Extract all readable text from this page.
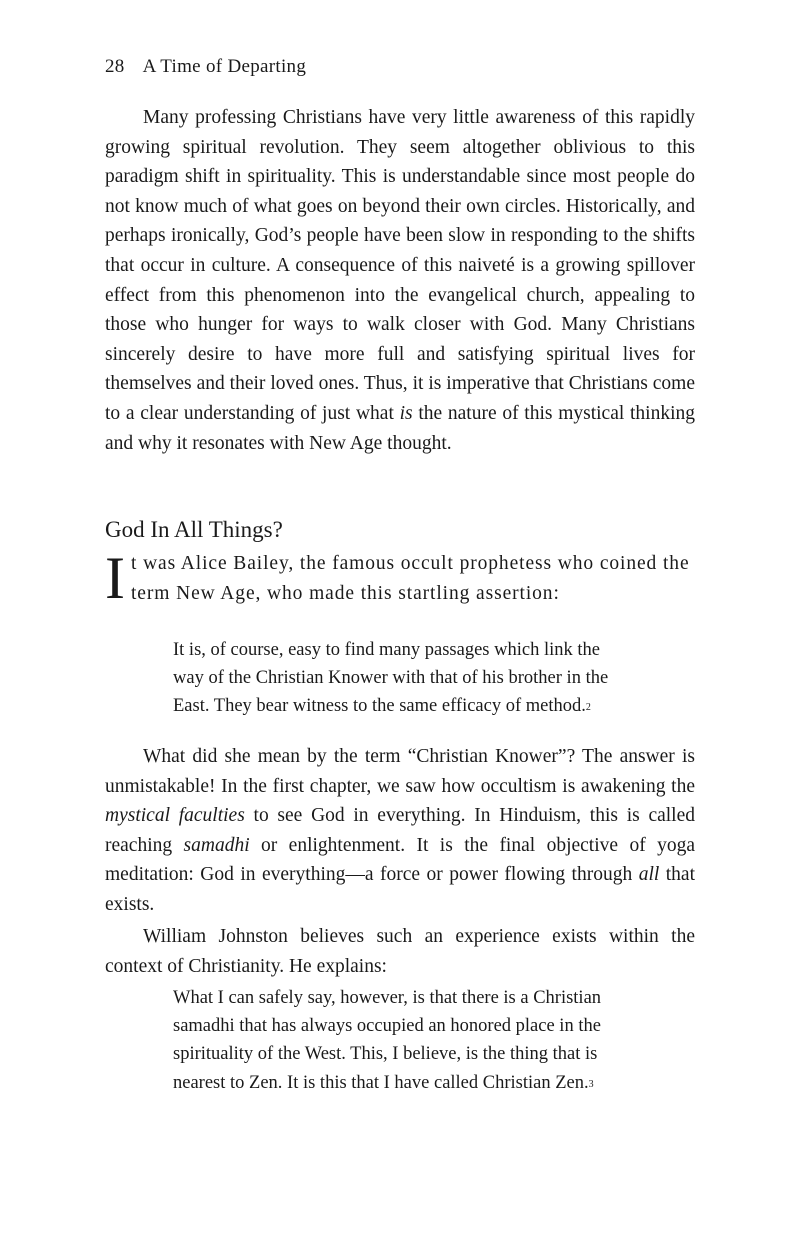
28 A Time of Departing

Many professing Christians have very little awareness of this rapidly growing spiritual revolution. They seem altogether oblivious to this paradigm shift in spirituality. This is understandable since most people do not know much of what goes on beyond their own circles. Historically, and perhaps ironically, God’s people have been slow in responding to the shifts that occur in culture. A consequence of this naiveté is a growing spillover effect from this phenomenon into the evangelical church, appealing to those who hunger for ways to walk closer with God. Many Christians sincerely desire to have more full and satisfying spiritual lives for themselves and their loved ones. Thus, it is imperative that Christians come to a clear understanding of just what is the nature of this mystical thinking and why it resonates with New Age thought.

God In All Things?

It was Alice Bailey, the famous occult prophetess who coined the term New Age, who made this startling assertion:

It is, of course, easy to find many passages which link the way of the Christian Knower with that of his brother in the East. They bear witness to the same efficacy of method.$^2$

What did she mean by the term “Christian Knower”? The answer is unmistakable! In the first chapter, we saw how occultism is awakening the mystical faculties to see God in everything. In Hinduism, this is called reaching samadhi or enlightenment. It is the final objective of yoga meditation: God in everything—a force or power flowing through all that exists.

William Johnston believes such an experience exists within the context of Christianity. He explains:

What I can safely say, however, is that there is a Christian samadhi that has always occupied an honored place in the spirituality of the West. This, I believe, is the thing that is nearest to Zen. It is this that I have called Christian Zen.$^3$
